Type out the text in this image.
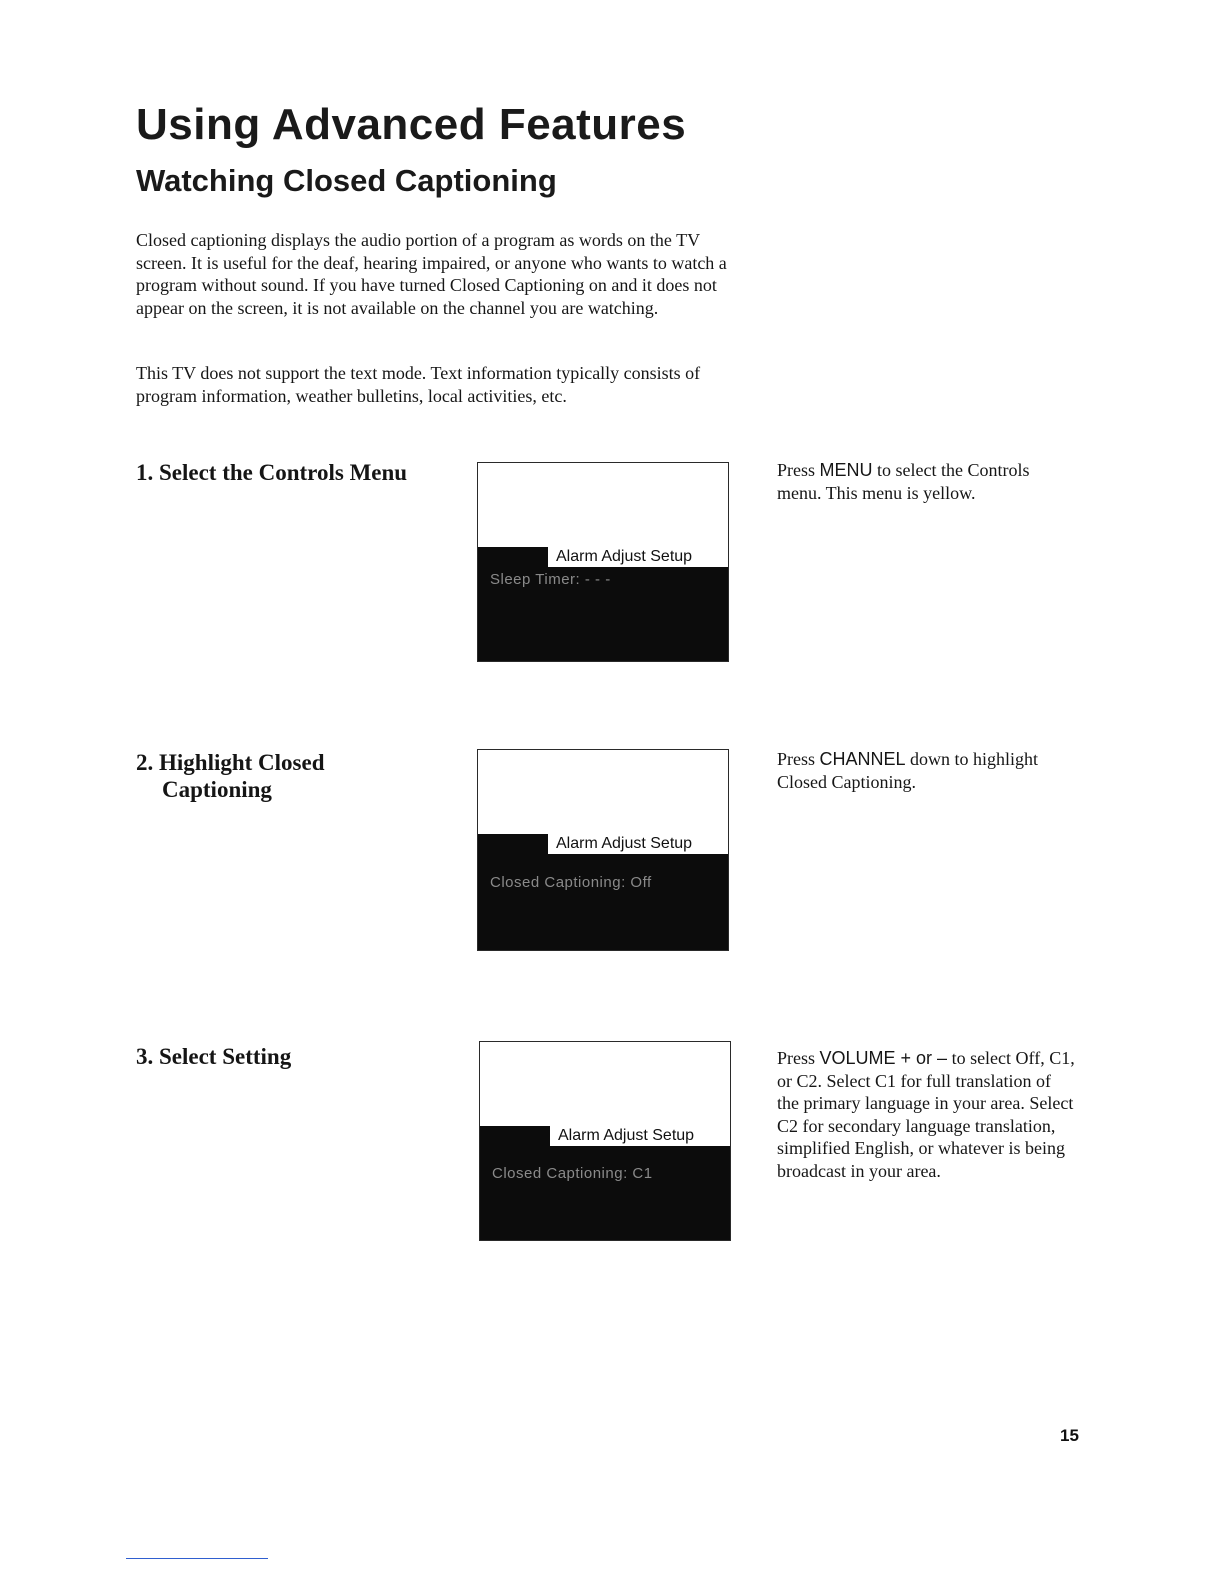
Using Advanced Features
Watching Closed Captioning

Closed captioning displays the audio portion of a program as words on the TV screen. It is useful for the deaf, hearing impaired, or anyone who wants to watch a program without sound. If you have turned Closed Captioning on and it does not appear on the screen, it is not available on the channel you are watching.

This TV does not support the text mode. Text information typically consists of program information, weather bulletins, local activities, etc.

1. Select the Controls Menu
Alarm Adjust Setup
Sleep Timer: - - -

Press MENU to select the Controls menu. This menu is yellow.

2. Highlight Closed
Captioning
Alarm Adjust Setup
Closed Captioning: Off

Press CHANNEL down to highlight Closed Captioning.

3. Select Setting
Alarm Adjust Setup
Closed Captioning: C1

Press VOLUME + or – to select Off, C1, or C2. Select C1 for full translation of the primary language in your area. Select C2 for secondary language translation, simplified English, or whatever is being broadcast in your area.

15
